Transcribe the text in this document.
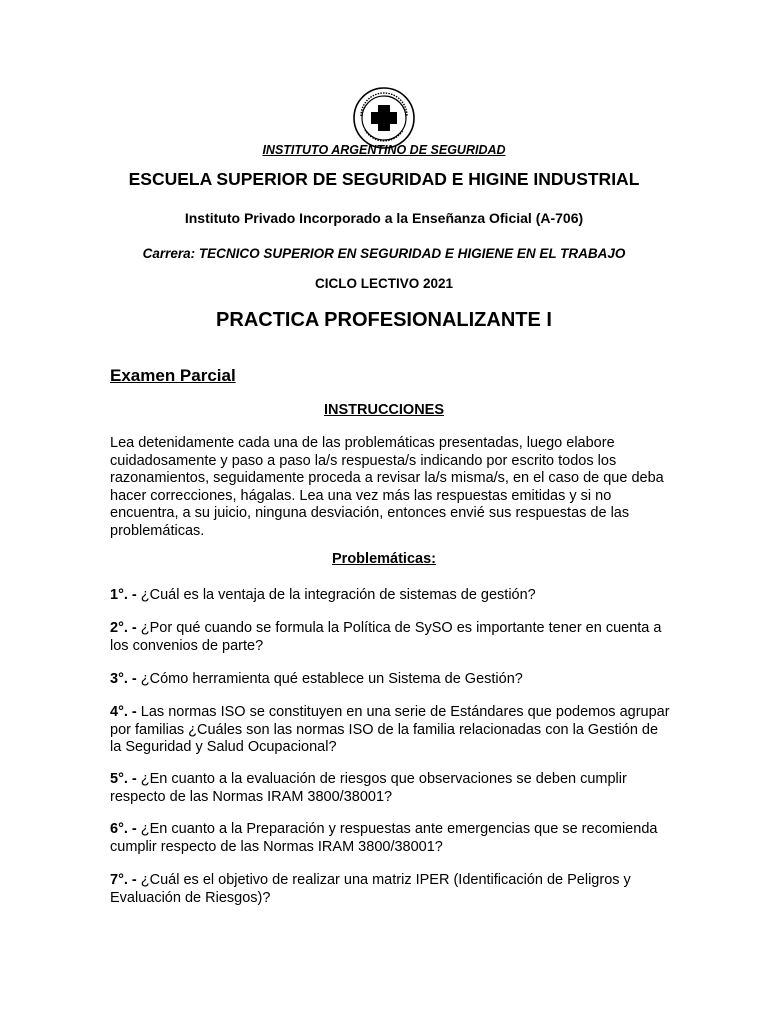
INSTITUTO ARGENTINO DE SEGURIDAD
ESCUELA SUPERIOR DE SEGURIDAD E HIGINE INDUSTRIAL
Instituto Privado Incorporado a la Enseñanza Oficial (A-706)
Carrera: TECNICO SUPERIOR EN SEGURIDAD E HIGIENE EN EL TRABAJO
CICLO LECTIVO 2021
PRACTICA PROFESIONALIZANTE I
Examen Parcial
INSTRUCCIONES
Lea detenidamente cada una de las problemáticas presentadas, luego elabore cuidadosamente y paso a paso la/s respuesta/s indicando por escrito todos los razonamientos, seguidamente proceda a revisar la/s misma/s, en el caso de que deba hacer correcciones, hágalas. Lea una vez más las respuestas emitidas y si no encuentra, a su juicio, ninguna desviación, entonces envié sus respuestas de las problemáticas.
Problemáticas:
1°. - ¿Cuál es la ventaja de la integración de sistemas de gestión?
2°. - ¿Por qué cuando se formula la Política de SySO es importante tener en cuenta a los convenios de parte?
3°. - ¿Cómo herramienta qué establece un Sistema de Gestión?
4°. - Las normas ISO se constituyen en una serie de Estándares que podemos agrupar por familias ¿Cuáles son las normas ISO de la familia relacionadas con la Gestión de la Seguridad y Salud Ocupacional?
5°. - ¿En cuanto a la evaluación de riesgos que observaciones se deben cumplir respecto de las Normas IRAM 3800/38001?
6°. - ¿En cuanto a la Preparación y respuestas ante emergencias que se recomienda cumplir respecto de las Normas IRAM 3800/38001?
7°. - ¿Cuál es el objetivo de realizar una matriz IPER (Identificación de Peligros y Evaluación de Riesgos)?
